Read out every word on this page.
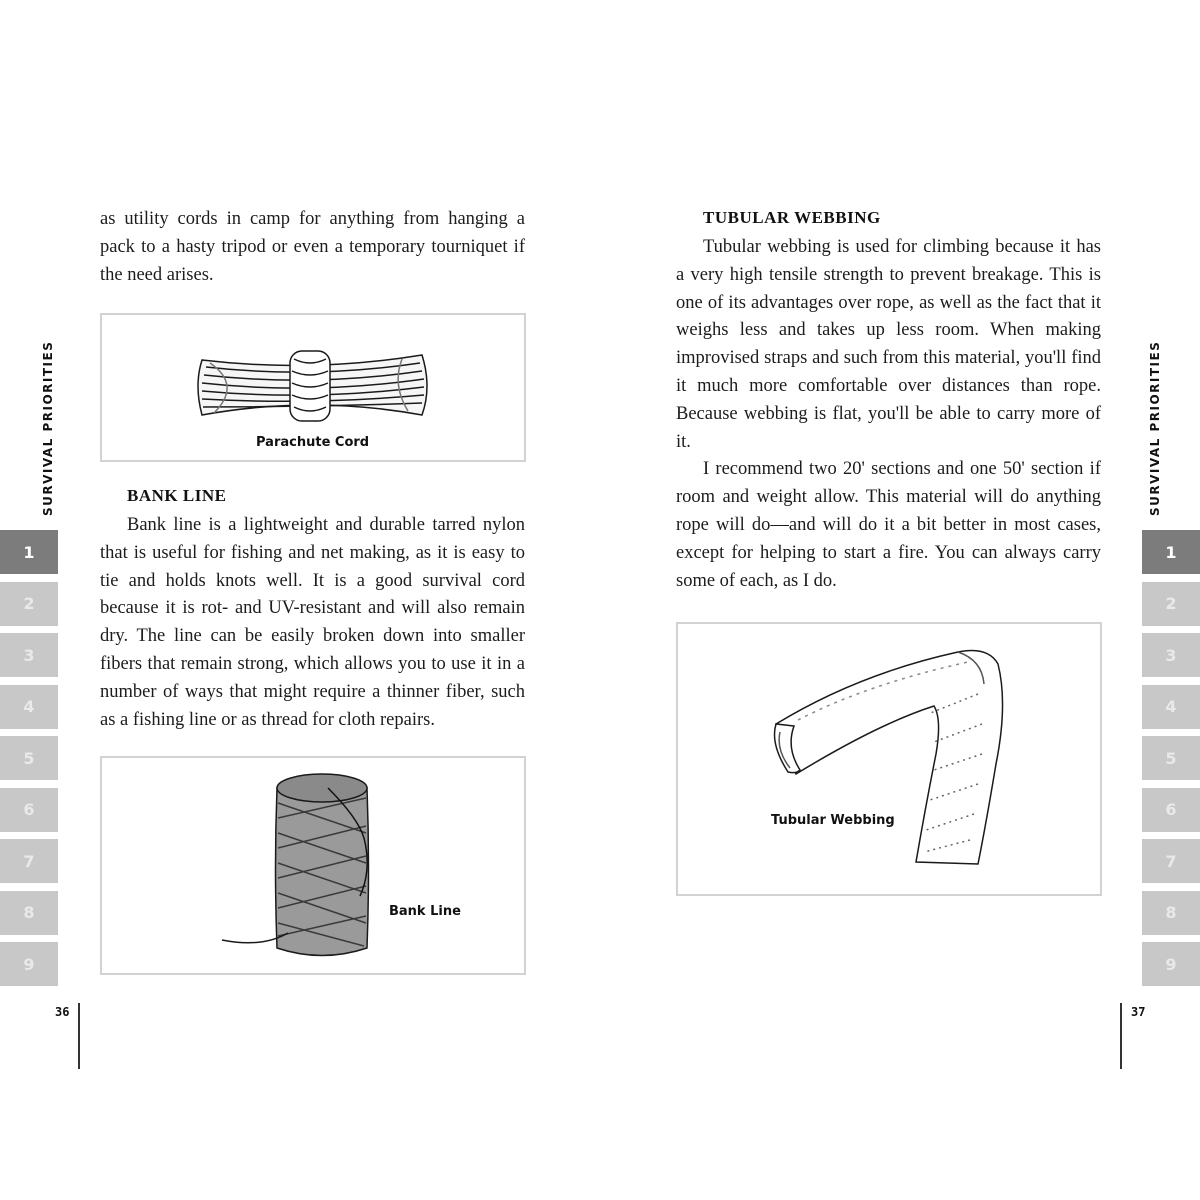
as utility cords in camp for anything from hanging a pack to a hasty tripod or even a temporary tourniquet if the need arises.

Parachute Cord
BANK LINE

Bank line is a lightweight and durable tarred nylon that is useful for fishing and net making, as it is easy to tie and holds knots well. It is a good survival cord because it is rot- and UV-resistant and will also remain dry. The line can be easily broken down into smaller fibers that remain strong, which allows you to use it in a number of ways that might require a thinner fiber, such as a fishing line or as thread for cloth repairs.

Bank Line
SURVIVAL PRIORITIES
1
2
3
4
5
6
7
8
9
36
TUBULAR WEBBING

Tubular webbing is used for climbing because it has a very high tensile strength to prevent breakage. This is one of its advantages over rope, as well as the fact that it weighs less and takes up less room. When making improvised straps and such from this material, you'll find it much more comfortable over distances than rope. Because webbing is flat, you'll be able to carry more of it.

I recommend two 20' sections and one 50' section if room and weight allow. This material will do anything rope will do—and will do it a bit better in most cases, except for helping to start a fire. You can always carry some of each, as I do.

Tubular Webbing
SURVIVAL PRIORITIES
1
2
3
4
5
6
7
8
9
37
